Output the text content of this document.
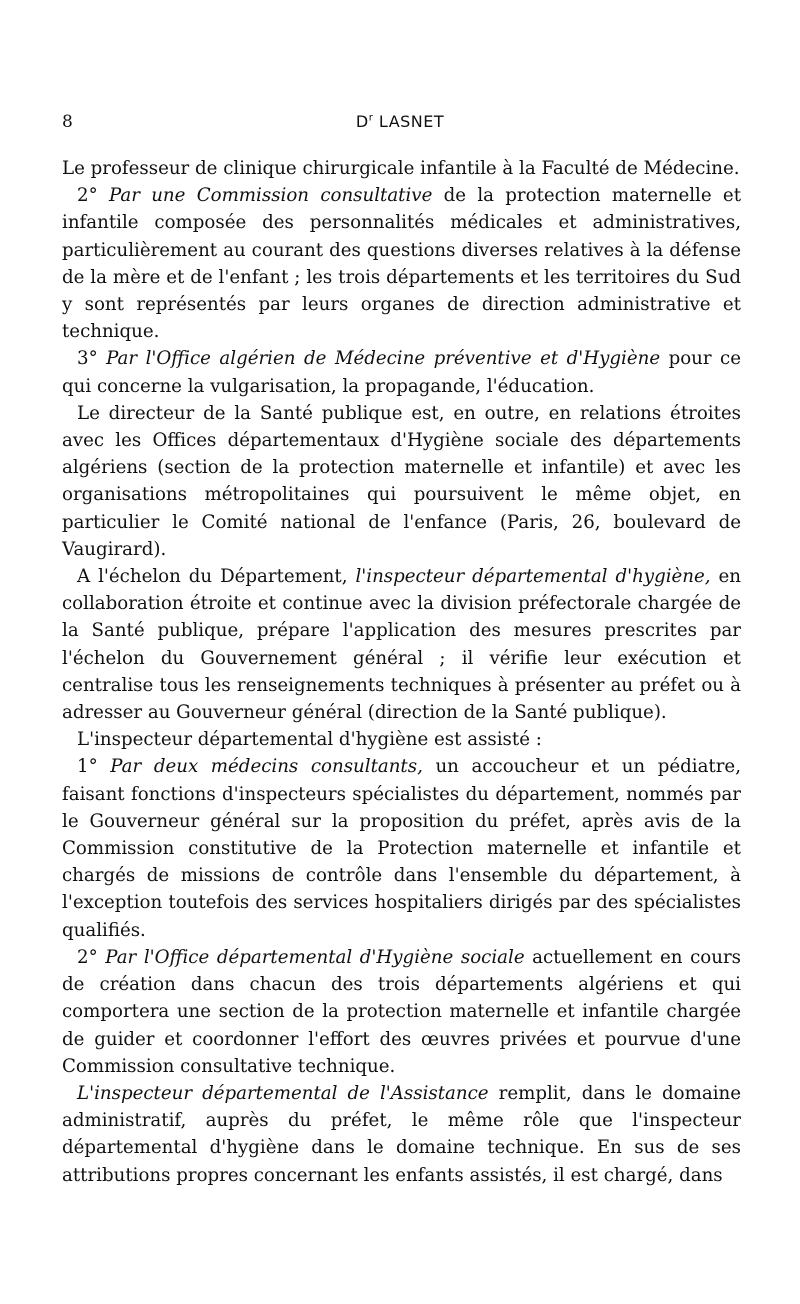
8	$D^r$ LASNET

Le professeur de clinique chirurgicale infantile à la Faculté de Médecine.

2° Par une Commission consultative de la protection maternelle et infantile composée des personnalités médicales et administratives, particulièrement au courant des questions diverses relatives à la défense de la mère et de l'enfant ; les trois départements et les territoires du Sud y sont représentés par leurs organes de direction administrative et technique.

3° Par l'Office algérien de Médecine préventive et d'Hygiène pour ce qui concerne la vulgarisation, la propagande, l'éducation.

Le directeur de la Santé publique est, en outre, en relations étroites avec les Offices départementaux d'Hygiène sociale des départements algériens (section de la protection maternelle et infantile) et avec les organisations métropolitaines qui poursuivent le même objet, en particulier le Comité national de l'enfance (Paris, 26, boulevard de Vaugirard).

A l'échelon du Département, l'inspecteur départemental d'hygiène, en collaboration étroite et continue avec la division préfectorale chargée de la Santé publique, prépare l'application des mesures prescrites par l'échelon du Gouvernement général ; il vérifie leur exécution et centralise tous les renseignements techniques à présenter au préfet ou à adresser au Gouverneur général (direction de la Santé publique).

L'inspecteur départemental d'hygiène est assisté :

1° Par deux médecins consultants, un accoucheur et un pédiatre, faisant fonctions d'inspecteurs spécialistes du département, nommés par le Gouverneur général sur la proposition du préfet, après avis de la Commission constitutive de la Protection maternelle et infantile et chargés de missions de contrôle dans l'ensemble du département, à l'exception toutefois des services hospitaliers dirigés par des spécialistes qualifiés.

2° Par l'Office départemental d'Hygiène sociale actuellement en cours de création dans chacun des trois départements algériens et qui comportera une section de la protection maternelle et infantile chargée de guider et coordonner l'effort des œuvres privées et pourvue d'une Commission consultative technique.

L'inspecteur départemental de l'Assistance remplit, dans le domaine administratif, auprès du préfet, le même rôle que l'inspecteur départemental d'hygiène dans le domaine technique. En sus de ses attributions propres concernant les enfants assistés, il est chargé, dans
